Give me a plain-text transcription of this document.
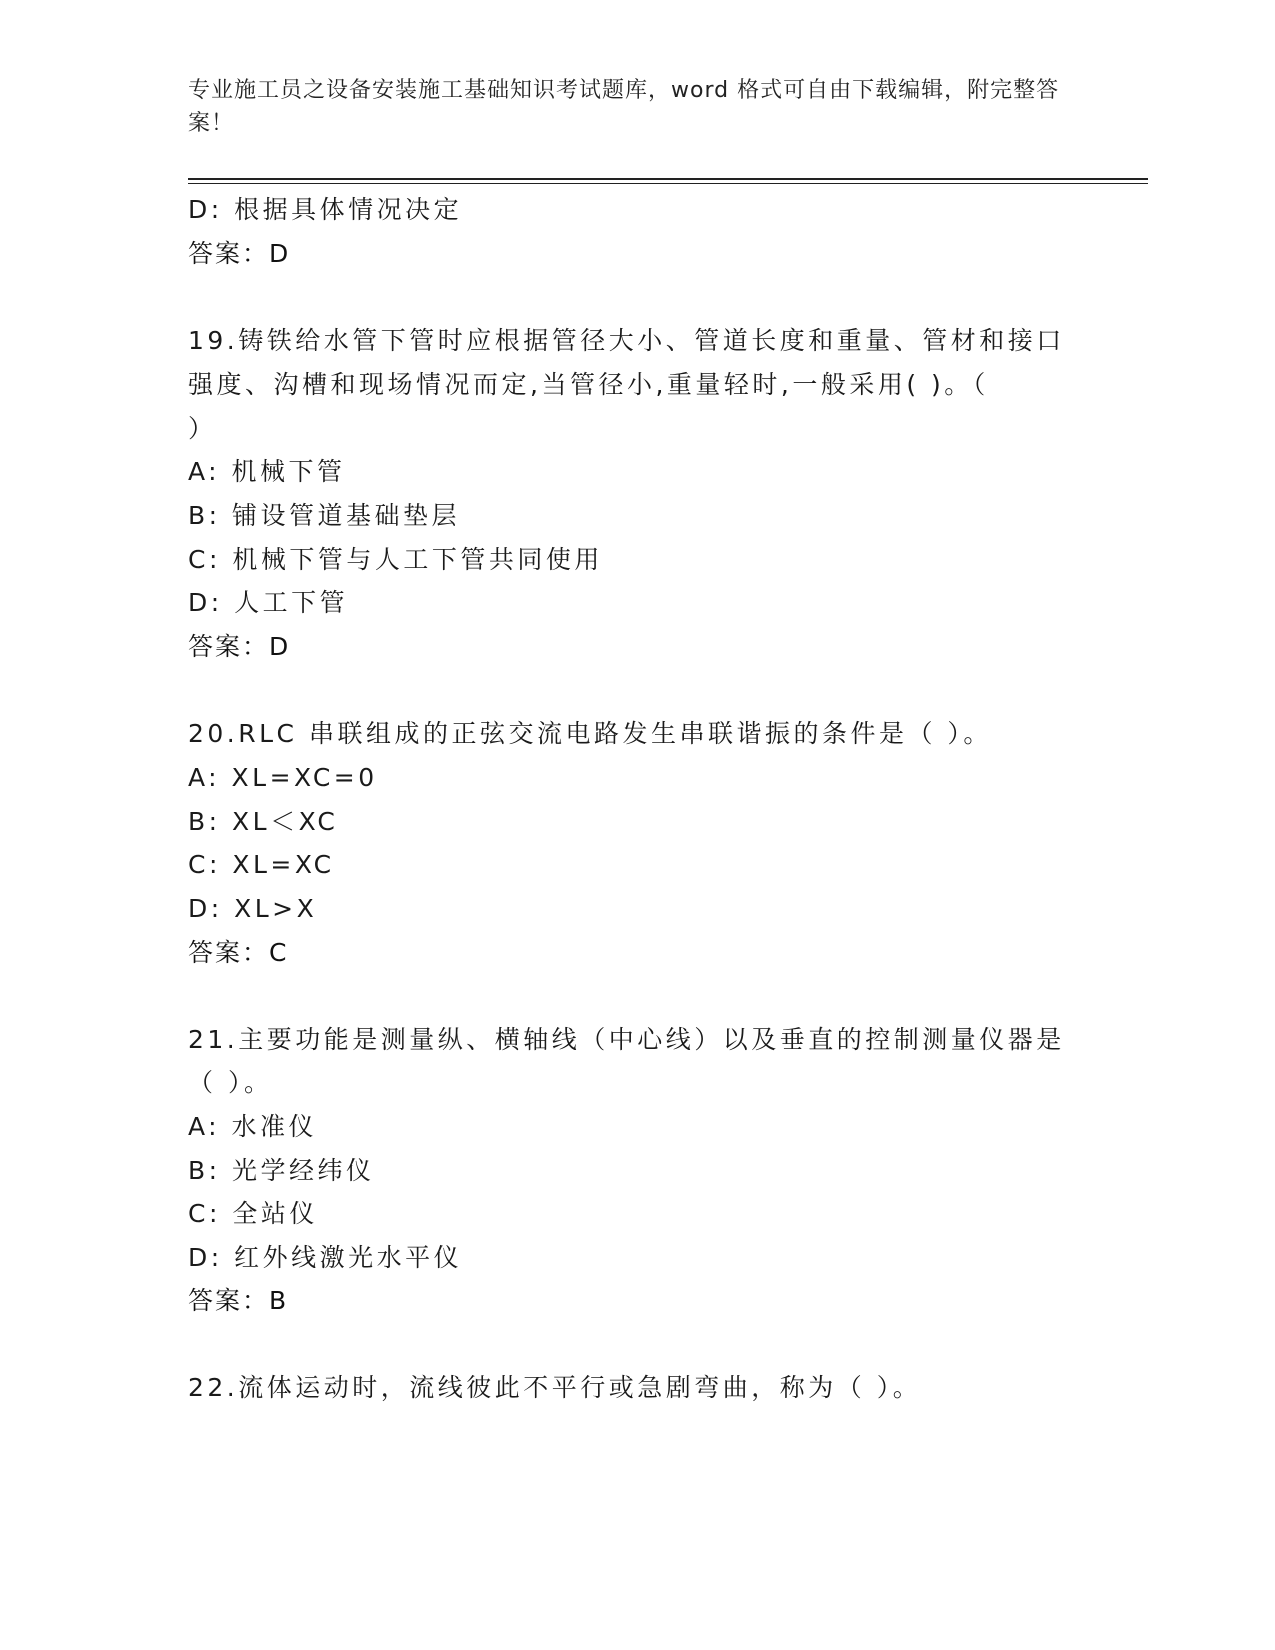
专业施工员之设备安装施工基础知识考试题库，word 格式可自由下载编辑，附完整答案！
D: 根据具体情况决定
答案：D
19.铸铁给水管下管时应根据管径大小、管道长度和重量、管材和接口
强度、沟槽和现场情况而定,当管径小,重量轻时,一般采用( )。（
）
A: 机械下管
B: 铺设管道基础垫层
C: 机械下管与人工下管共同使用
D: 人工下管
答案：D
20.RLC 串联组成的正弦交流电路发生串联谐振的条件是（ ）。
A: XL=XC=0
B: XL＜XC
C: XL=XC
D: XL>X
答案：C
21.主要功能是测量纵、横轴线（中心线）以及垂直的控制测量仪器是
（ ）。
A: 水准仪
B: 光学经纬仪
C: 全站仪
D: 红外线激光水平仪
答案：B
22.流体运动时，流线彼此不平行或急剧弯曲，称为（ ）。
